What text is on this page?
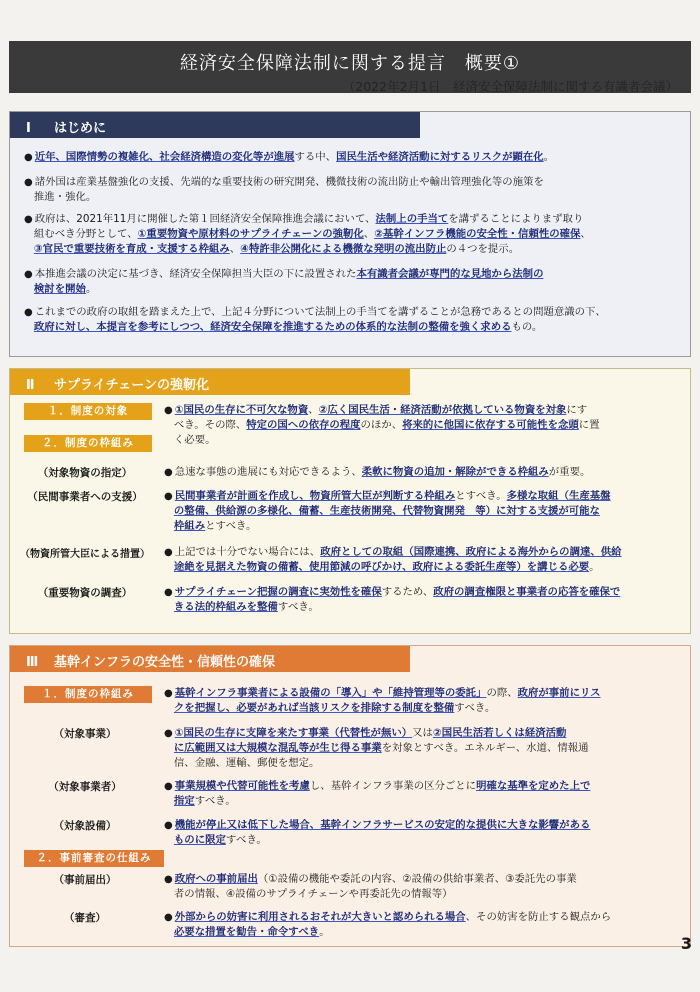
経済安全保障法制に関する提言　概要①
（2022年2月1日　経済安全保障法制に関する有識者会議）
Ⅰ はじめに
● 近年、国際情勢の複雑化、社会経済構造の変化等が進展する中、国民生活や経済活動に対するリスクが顕在化。
● 諸外国は産業基盤強化の支援、先端的な重要技術の研究開発、機微技術の流出防止や輸出管理強化等の施策を
推進・強化。
● 政府は、2021年11月に開催した第１回経済安全保障推進会議において、法制上の手当てを講ずることによりまず取り
組むべき分野として、①重要物資や原材料のサプライチェーンの強靭化、②基幹インフラ機能の安全性・信頼性の確保、
③官民で重要技術を育成・支援する枠組み、④特許非公開化による機微な発明の流出防止の４つを提示。
● 本推進会議の決定に基づき、経済安全保障担当大臣の下に設置された本有識者会議が専門的な見地から法制の
検討を開始。
● これまでの政府の取組を踏まえた上で、上記４分野について法制上の手当てを講ずることが急務であるとの問題意識の下、
政府に対し、本提言を参考にしつつ、経済安全保障を推進するための体系的な法制の整備を強く求めるもの。
Ⅱ サプライチェーンの強靭化
１．制度の対象
２．制度の枠組み
● ①国民の生存に不可欠な物資、②広く国民生活・経済活動が依拠している物資を対象にす
べき。その際、特定の国への依存の程度のほか、将来的に他国に依存する可能性を念頭に置
く必要。
（対象物資の指定）	● 急速な事態の進展にも対応できるよう、柔軟に物資の追加・解除ができる枠組みが重要。
（民間事業者への支援）	● 民間事業者が計画を作成し、物資所管大臣が判断する枠組みとすべき。多様な取組（生産基盤
の整備、供給源の多様化、備蓄、生産技術開発、代替物資開発　等）に対する支援が可能な
枠組みとすべき。
（物資所管大臣による措置）	● 上記では十分でない場合には、政府としての取組（国際連携、政府による海外からの調達、供給
途絶を見据えた物資の備蓄、使用節減の呼びかけ、政府による委託生産等）を講じる必要。
（重要物資の調査）	● サプライチェーン把握の調査に実効性を確保するため、政府の調査権限と事業者の応答を確保で
きる法的枠組みを整備すべき。
Ⅲ 基幹インフラの安全性・信頼性の確保
１．制度の枠組み	● 基幹インフラ事業者による設備の「導入」や「維持管理等の委託」の際、政府が事前にリス
クを把握し、必要があれば当該リスクを排除する制度を整備すべき。
（対象事業）	● ①国民の生存に支障を来たす事業（代替性が無い）又は②国民生活若しくは経済活動
に広範囲又は大規模な混乱等が生じ得る事業を対象とすべき。エネルギー、水道、情報通
信、金融、運輸、郵便を想定。
（対象事業者）	● 事業規模や代替可能性を考慮し、基幹インフラ事業の区分ごとに明確な基準を定めた上で
指定すべき。
（対象設備）	● 機能が停止又は低下した場合、基幹インフラサービスの安定的な提供に大きな影響がある
ものに限定すべき。
２．事前審査の仕組み
（事前届出）	● 政府への事前届出（①設備の機能や委託の内容、②設備の供給事業者、③委託先の事業
者の情報、④設備のサプライチェーンや再委託先の情報等）
（審査）	● 外部からの妨害に利用されるおそれが大きいと認められる場合、その妨害を防止する観点から
必要な措置を勧告・命令すべき。
3
